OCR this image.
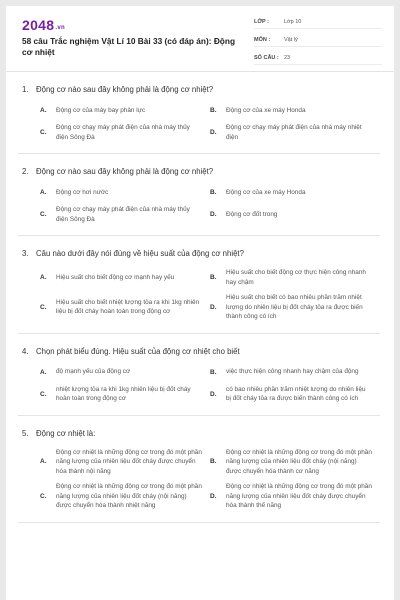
2048.vn
58 câu Trắc nghiệm Vật Lí 10 Bài 33 (có đáp án): Động cơ nhiệt
LỚP :	Lớp 10
MÔN :	Vật lý
SỐ CÂU : 23
1. Động cơ nào sau đây không phải là động cơ nhiệt?
A.	Động cơ của máy bay phản lực	B.	Động cơ của xe máy Honda
C.
Động cơ chạy máy phát điện của nhà máy thủy điện Sông Đà
D.
Động cơ chạy máy phát điện của nhà máy nhiệt điện
2. Động cơ nào sau đây không phải là động cơ nhiệt?
A.	Động cơ hơi nước	B.	Động cơ của xe máy Honda
C.
Động cơ chạy máy phát điện của nhà máy thủy điện Sông Đà
D.	Động cơ đốt trong
3. Câu nào dưới đây nói đúng về hiệu suất của động cơ nhiệt?
A.	Hiệu suất cho biết động cơ mạnh hay yếu	B.
Hiệu suất cho biết động cơ thực hiện công nhanh hay chậm
C.
Hiệu suất cho biết nhiệt lượng tỏa ra khi 1kg nhiên liệu bị đốt cháy hoàn toàn trong động cơ
D.
Hiệu suất cho biết có bao nhiêu phần trăm nhiệt lượng do nhiên liệu bị đốt cháy tỏa ra được biến thành công có ích
4. Chọn phát biểu đúng. Hiệu suất của động cơ nhiệt cho biết
A.	độ mạnh yếu của động cơ	B.	việc thực hiện công nhanh hay chậm của động
C.
nhiệt lượng tỏa ra khi 1kg nhiên liệu bị đốt cháy hoàn toàn trong động cơ
D.
có bao nhiêu phần trăm nhiệt lượng do nhiên liệu bị đốt cháy tỏa ra được biến thành công có ích
5. Động cơ nhiệt là:
A.
Động cơ nhiệt là những động cơ trong đó một phần năng lượng của nhiên liệu đốt cháy được chuyển hóa thành nội năng
B.
Động cơ nhiệt là những động cơ trong đó một phần năng lượng của nhiên liệu đốt cháy (nội năng) được chuyển hóa thành cơ năng
C.
Động cơ nhiệt là những động cơ trong đó một phần năng lượng của nhiên liệu đốt cháy (nội năng) được chuyển hóa thành nhiệt năng
D.
Động cơ nhiệt là những động cơ trong đó một phần năng lượng của nhiên liệu đốt cháy được chuyển hóa thành thế năng
